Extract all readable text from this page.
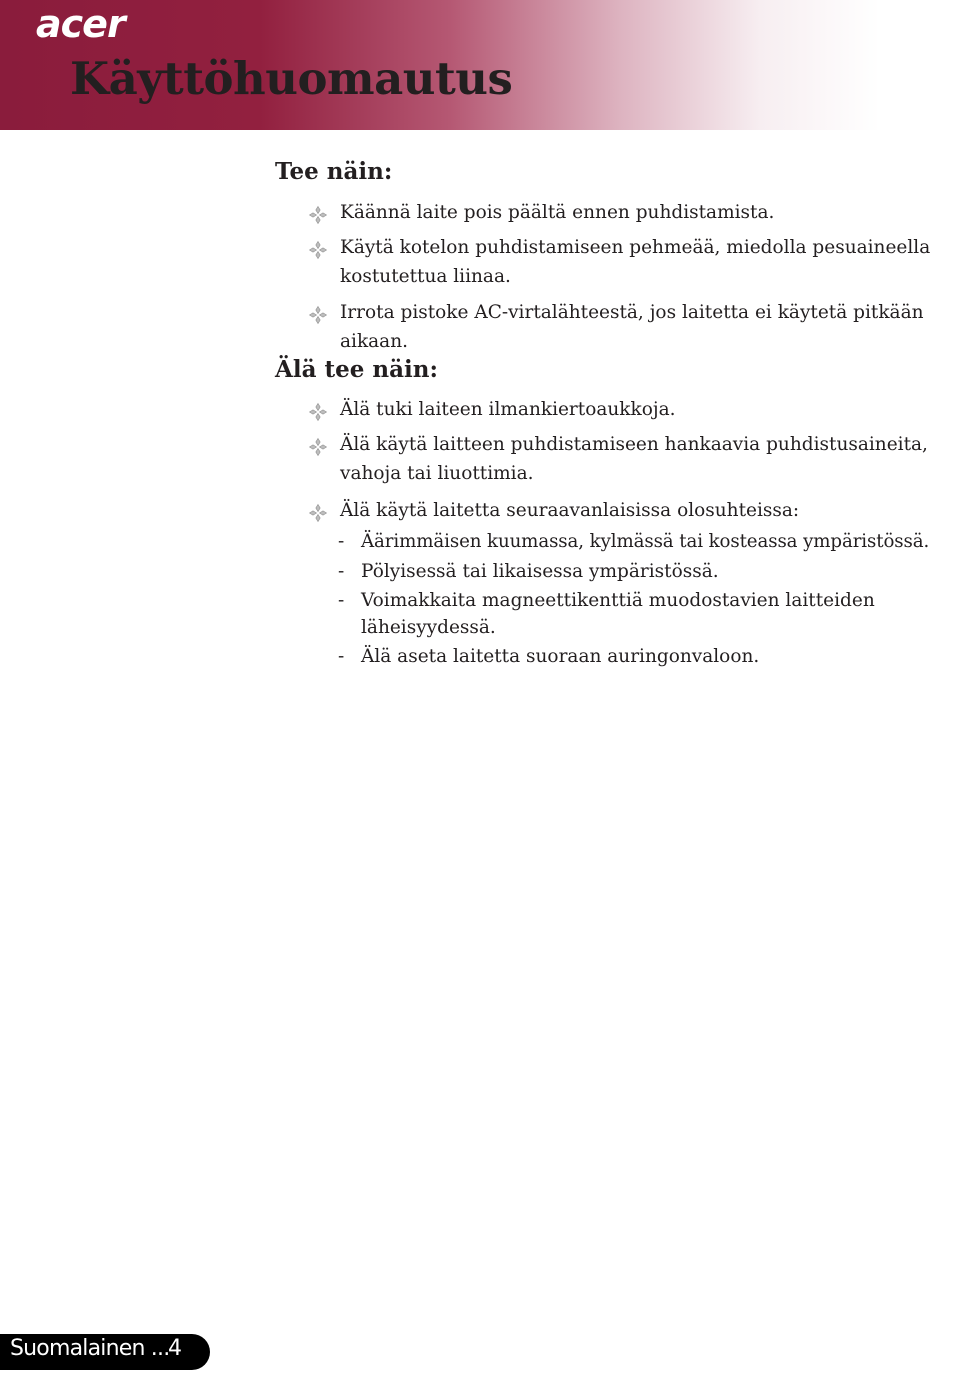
acer
Käyttöhuomautus
Tee näin:
Käännä laite pois päältä ennen puhdistamista.
Käytä kotelon puhdistamiseen pehmeää, miedolla pesuaineella kostutettua liinaa.
Irrota pistoke AC-virtalähteestä, jos laitetta ei käytetä pitkään aikaan.
Älä tee näin:
Älä tuki laiteen ilmankiertoaukkoja.
Älä käytä laitteen puhdistamiseen hankaavia puhdistusaineita, vahoja tai liuottimia.
Älä käytä laitetta seuraavanlaisissa olosuhteissa:
- Äärimmäisen kuumassa, kylmässä tai kosteassa ympäristössä.
- Pölyisessä tai likaisessa ympäristössä.
- Voimakkaita magneettikenttiä muodostavien laitteiden läheisyydessä.
- Älä aseta laitetta suoraan auringonvaloon.
Suomalainen ...
4
